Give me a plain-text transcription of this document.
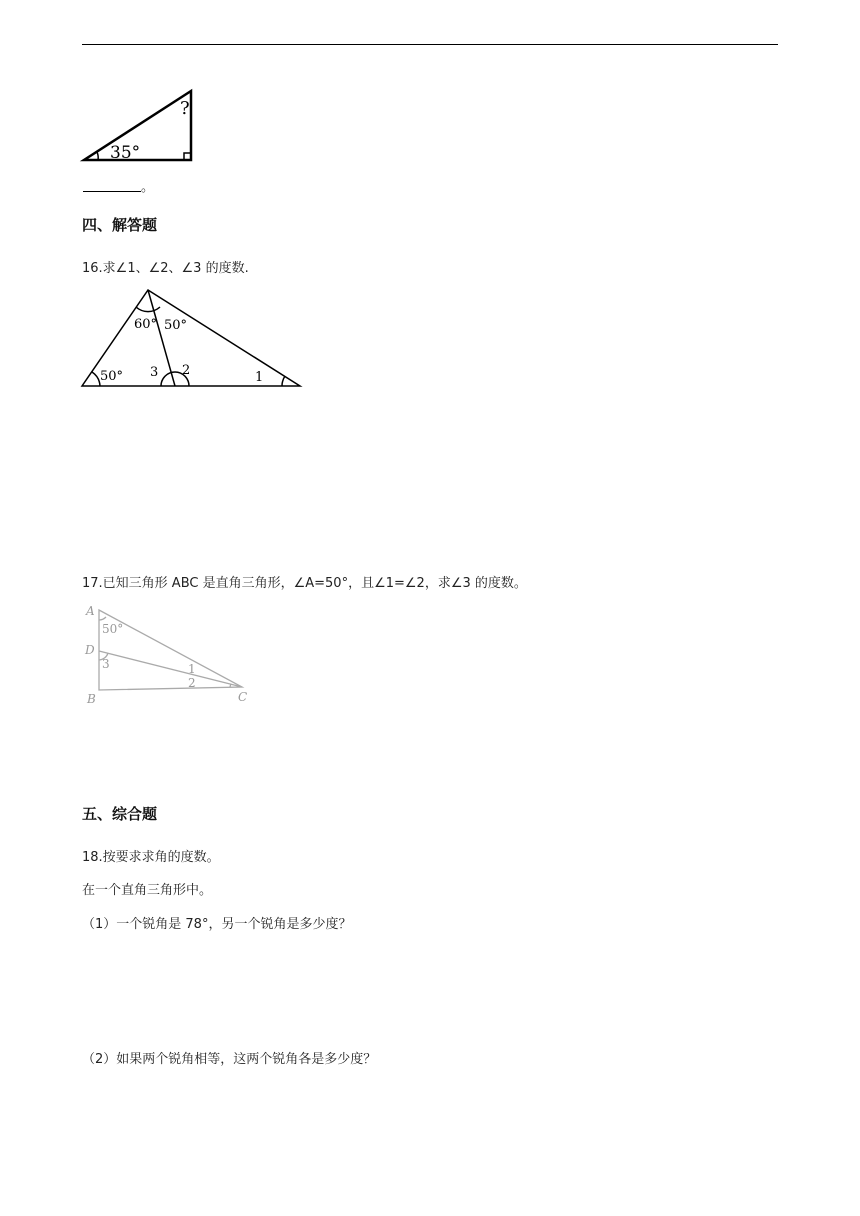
35°
?
。
四、解答题
16.求∠1、∠2、∠3 的度数.
60° 50°
50° 3 2	1
17.已知三角形 ABC 是直角三角形，∠A=50°，且∠1=∠2，求∠3 的度数。
A
D
B	C
50°
3	1
2
五、综合题
18.按要求求角的度数。
在一个直角三角形中。
（1）一个锐角是 78°，另一个锐角是多少度？
（2）如果两个锐角相等，这两个锐角各是多少度？
